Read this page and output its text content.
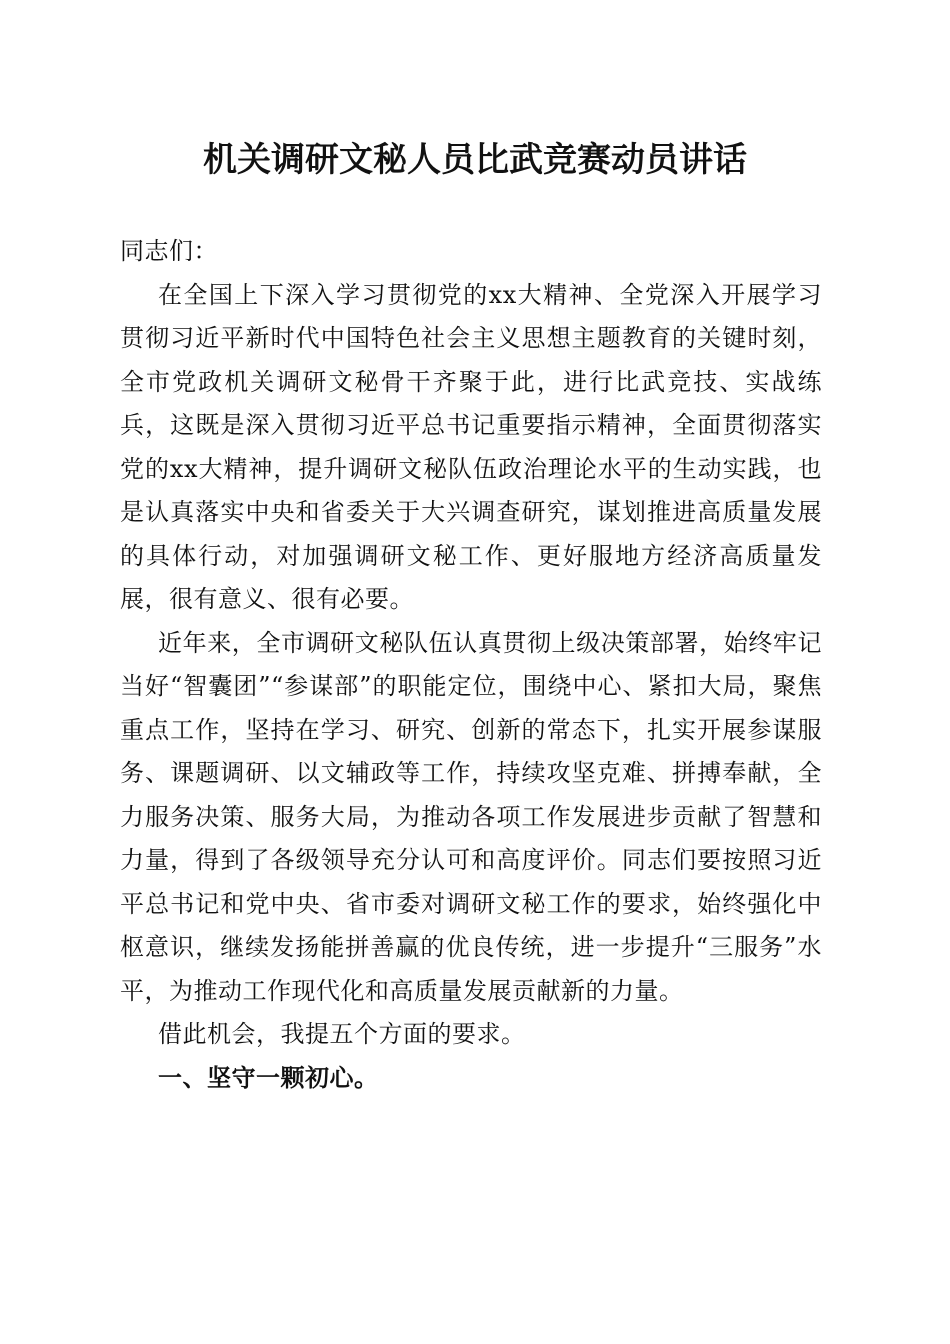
机关调研文秘人员比武竞赛动员讲话

同志们：

在全国上下深入学习贯彻党的xx大精神、全党深入开展学习贯彻习近平新时代中国特色社会主义思想主题教育的关键时刻，全市党政机关调研文秘骨干齐聚于此，进行比武竞技、实战练兵，这既是深入贯彻习近平总书记重要指示精神，全面贯彻落实党的xx大精神，提升调研文秘队伍政治理论水平的生动实践，也是认真落实中央和省委关于大兴调查研究，谋划推进高质量发展的具体行动，对加强调研文秘工作、更好服地方经济高质量发展，很有意义、很有必要。

近年来，全市调研文秘队伍认真贯彻上级决策部署，始终牢记当好“智囊团”“参谋部”的职能定位，围绕中心、紧扣大局，聚焦重点工作，坚持在学习、研究、创新的常态下，扎实开展参谋服务、课题调研、以文辅政等工作，持续攻坚克难、拼搏奉献，全力服务决策、服务大局，为推动各项工作发展进步贡献了智慧和力量，得到了各级领导充分认可和高度评价。同志们要按照习近平总书记和党中央、省市委对调研文秘工作的要求，始终强化中枢意识，继续发扬能拼善赢的优良传统，进一步提升“三服务”水平，为推动工作现代化和高质量发展贡献新的力量。

借此机会，我提五个方面的要求。

一、坚守一颗初心。
